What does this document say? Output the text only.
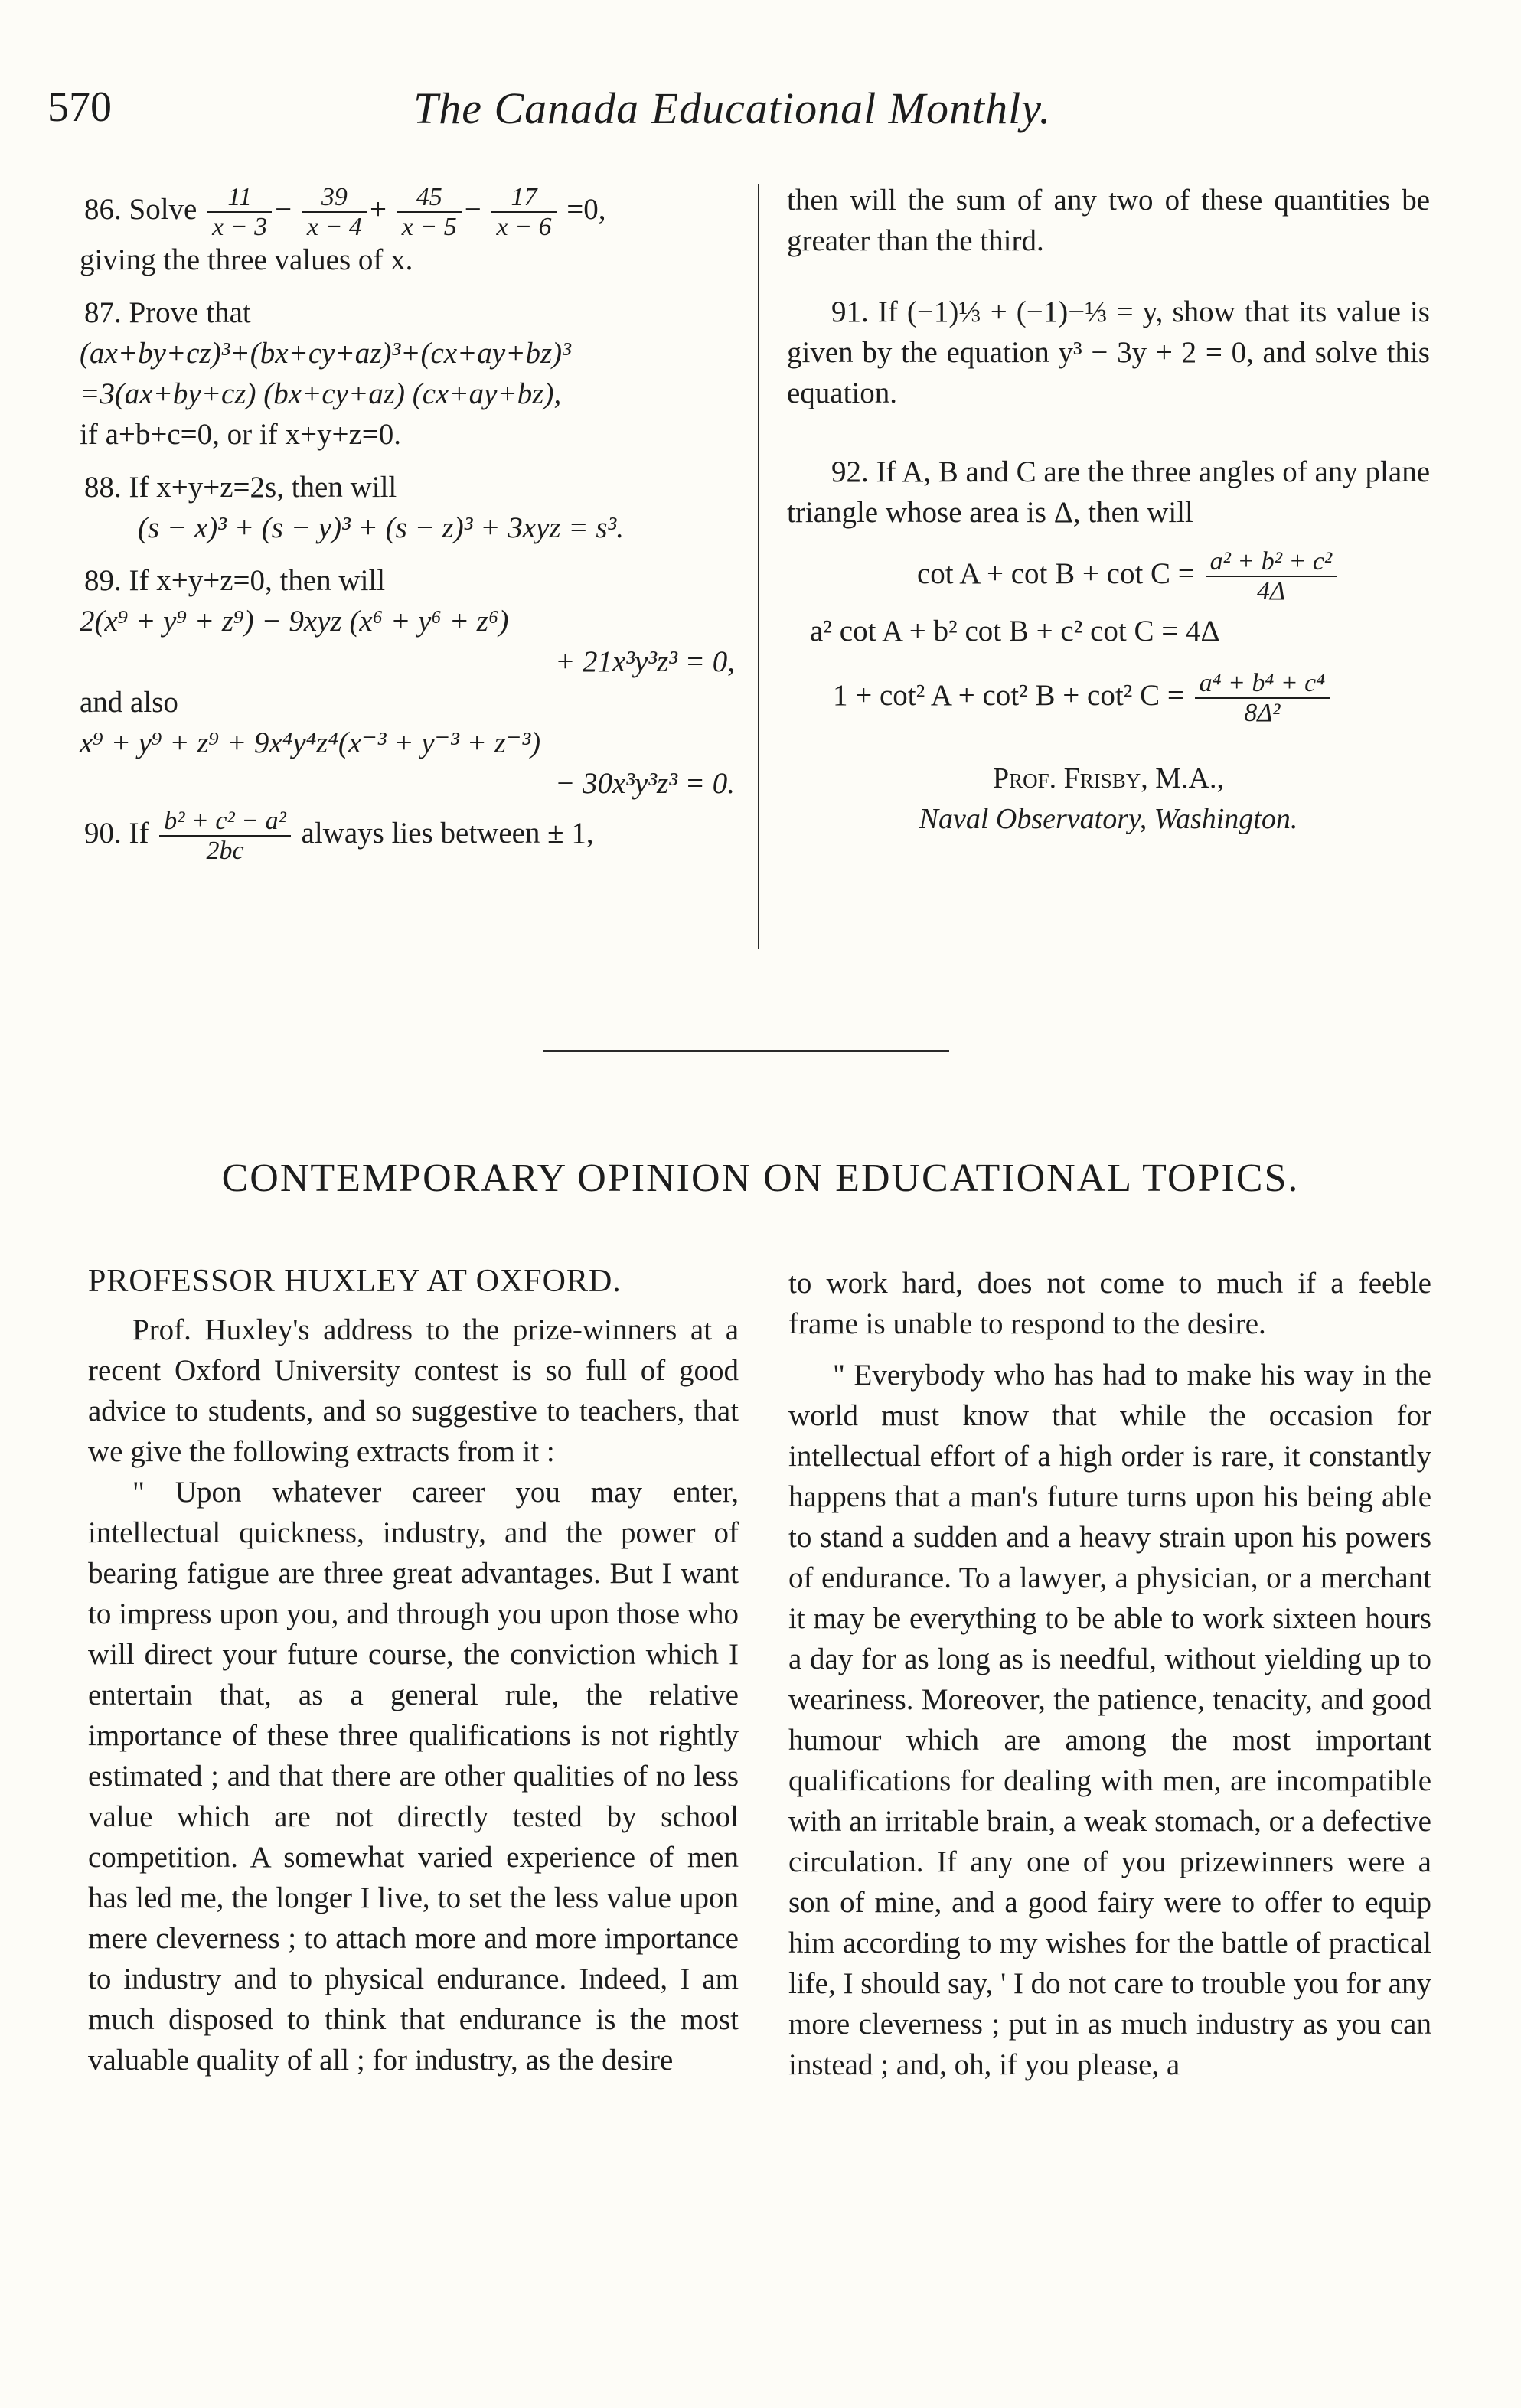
570	The Canada Educational Monthly.

86. Solve $\frac{11}{x - 3} - \frac{39}{x - 4} + \frac{45}{x - 5} - \frac{17}{x - 6} =0$,

giving the three values of x.

87. Prove that

(ax+by+cz)³+(bx+cy+az)³+(cx+ay+bz)³

=3(ax+by+cz) (bx+cy+az) (cx+ay+bz),

if a+b+c=0, or if x+y+z=0.

88. If x+y+z=2s, then will

(s − x)³ + (s − y)³ + (s − z)³ + 3xyz = s³.

89. If x+y+z=0, then will

2(x⁹ + y⁹ + z⁹) − 9xyz (x⁶ + y⁶ + z⁶)

+ 21x³y³z³ = 0,

and also

x⁹ + y⁹ + z⁹ + 9x⁴y⁴z⁴(x⁻³ + y⁻³ + z⁻³)

− 30x³y³z³ = 0.

90. If $\frac{\text{b² + c² − a²}}{2bc}$ always lies between ± 1,

then will the sum of any two of these quantities be greater than the third.

91. If (−1)⅓ + (−1)−⅓ = y, show that its value is given by the equation y³ − 3y + 2 = 0, and solve this equation.

92. If A, B and C are the three angles of any plane triangle whose area is Δ, then will

$\cot A + \cot B + \cot C = \frac{\text{a² + b² + c²}}{4\Delta}$

a² cot A + b² cot B + c² cot C = 4Δ

1 + cot² A + cot² B + cot² $C = \frac{\text{a⁴ + b⁴ + c⁴}}{\text{8Δ²}}$

Prof. Frisby, M.A.,

Naval Observatory, Washington.

CONTEMPORARY OPINION ON EDUCATIONAL TOPICS.

PROFESSOR HUXLEY AT OXFORD.

Prof. Huxley's address to the prize-winners at a recent Oxford University contest is so full of good advice to students, and so suggestive to teachers, that we give the following extracts from it :

" Upon whatever career you may enter, intellectual quickness, industry, and the power of bearing fatigue are three great advantages. But I want to impress upon you, and through you upon those who will direct your future course, the conviction which I entertain that, as a general rule, the relative importance of these three qualifications is not rightly estimated ; and that there are other qualities of no less value which are not directly tested by school competition. A somewhat varied experience of men has led me, the longer I live, to set the less value upon mere cleverness ; to attach more and more importance to industry and to physical endurance. Indeed, I am much disposed to think that endurance is the most valuable quality of all ; for industry, as the desire

to work hard, does not come to much if a feeble frame is unable to respond to the desire.

" Everybody who has had to make his way in the world must know that while the occasion for intellectual effort of a high order is rare, it constantly happens that a man's future turns upon his being able to stand a sudden and a heavy strain upon his powers of endurance. To a lawyer, a physician, or a merchant it may be everything to be able to work sixteen hours a day for as long as is needful, without yielding up to weariness. Moreover, the patience, tenacity, and good humour which are among the most important qualifications for dealing with men, are incompatible with an irritable brain, a weak stomach, or a defective circulation. If any one of you prizewinners were a son of mine, and a good fairy were to offer to equip him according to my wishes for the battle of practical life, I should say, ' I do not care to trouble you for any more cleverness ; put in as much industry as you can instead ; and, oh, if you please, a
